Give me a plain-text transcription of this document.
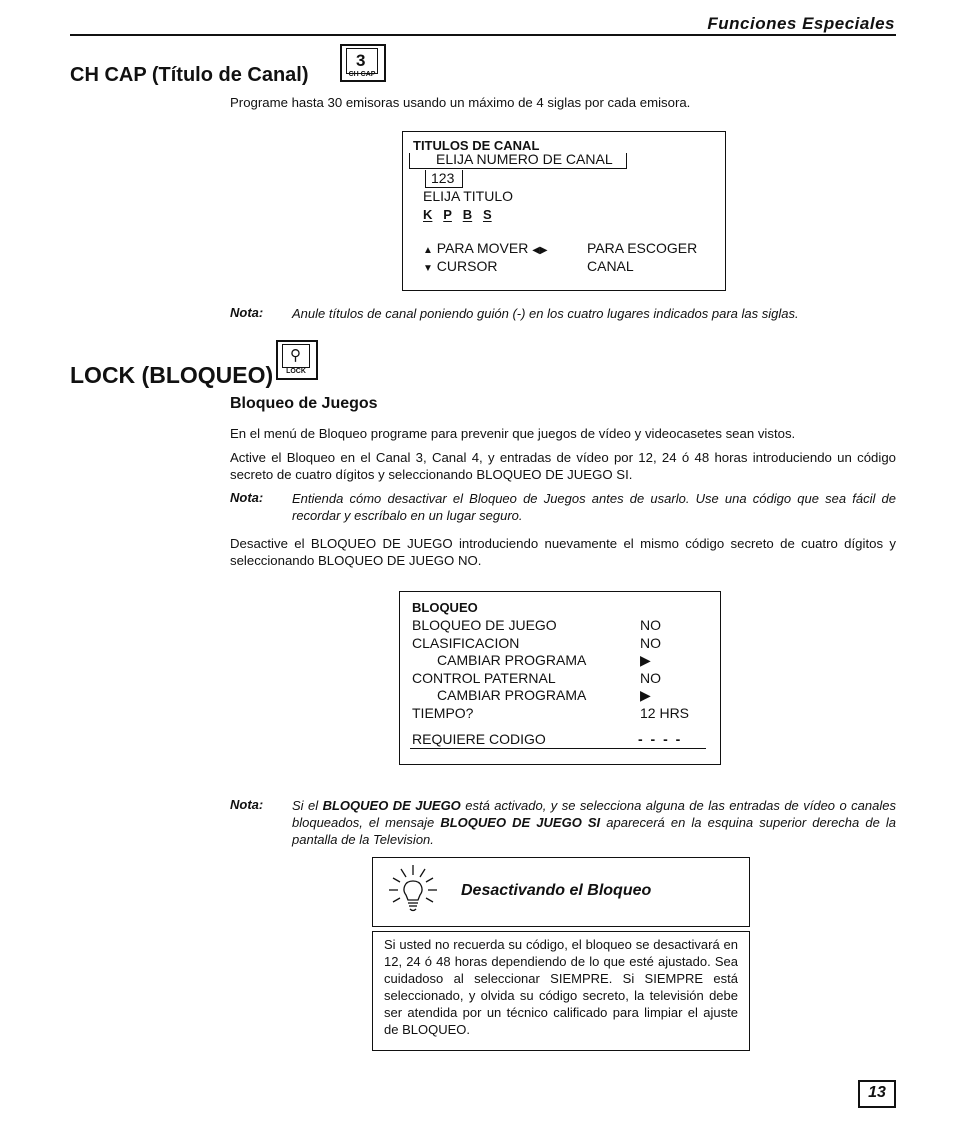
Funciones Especiales
CH CAP (Título de Canal)
3
CH CAP
Programe hasta 30 emisoras usando un máximo de 4 siglas por cada emisora.
TITULOS DE CANAL
ELIJA NUMERO DE CANAL
123
ELIJA TITULO
K P B S
▲ PARA MOVER ◀▶
▼ CURSOR
PARA ESCOGER
CANAL
Nota: Anule títulos de canal poniendo guión (-) en los cuatro lugares indicados para las siglas.
LOCK (BLOQUEO)
⚲
LOCK
Bloqueo de Juegos
En el menú de Bloqueo programe para prevenir que juegos de vídeo y videocasetes sean vistos.
Active el Bloqueo en el Canal 3, Canal 4, y entradas de vídeo por 12, 24 ó 48 horas introduciendo un código secreto de cuatro dígitos y seleccionando BLOQUEO DE JUEGO SI.
Nota: Entienda cómo desactivar el Bloqueo de Juegos antes de usarlo. Use una código que sea fácil de recordar y escríbalo en un lugar seguro.
Desactive el BLOQUEO DE JUEGO introduciendo nuevamente el mismo código secreto de cuatro dígitos y seleccionando BLOQUEO DE JUEGO NO.
BLOQUEO
BLOQUEO DE JUEGO	NO
CLASIFICACION	NO
CAMBIAR PROGRAMA	▶
CONTROL PATERNAL	NO
CAMBIAR PROGRAMA	▶
TIEMPO?	12 HRS
REQUIERE CODIGO	- - - -
Nota: Si el BLOQUEO DE JUEGO está activado, y se selecciona alguna de las entradas de vídeo o canales bloqueados, el mensaje BLOQUEO DE JUEGO SI aparecerá en la esquina superior derecha de la pantalla de la Television.
Desactivando el Bloqueo
Si usted no recuerda su código, el bloqueo se desactivará en 12, 24 ó 48 horas dependiendo de lo que esté ajustado. Sea cuidadoso al seleccionar SIEMPRE. Si SIEMPRE está seleccionado, y olvida su código secreto, la televisión debe ser atendida por un técnico calificado para limpiar el ajuste de BLOQUEO.
13
